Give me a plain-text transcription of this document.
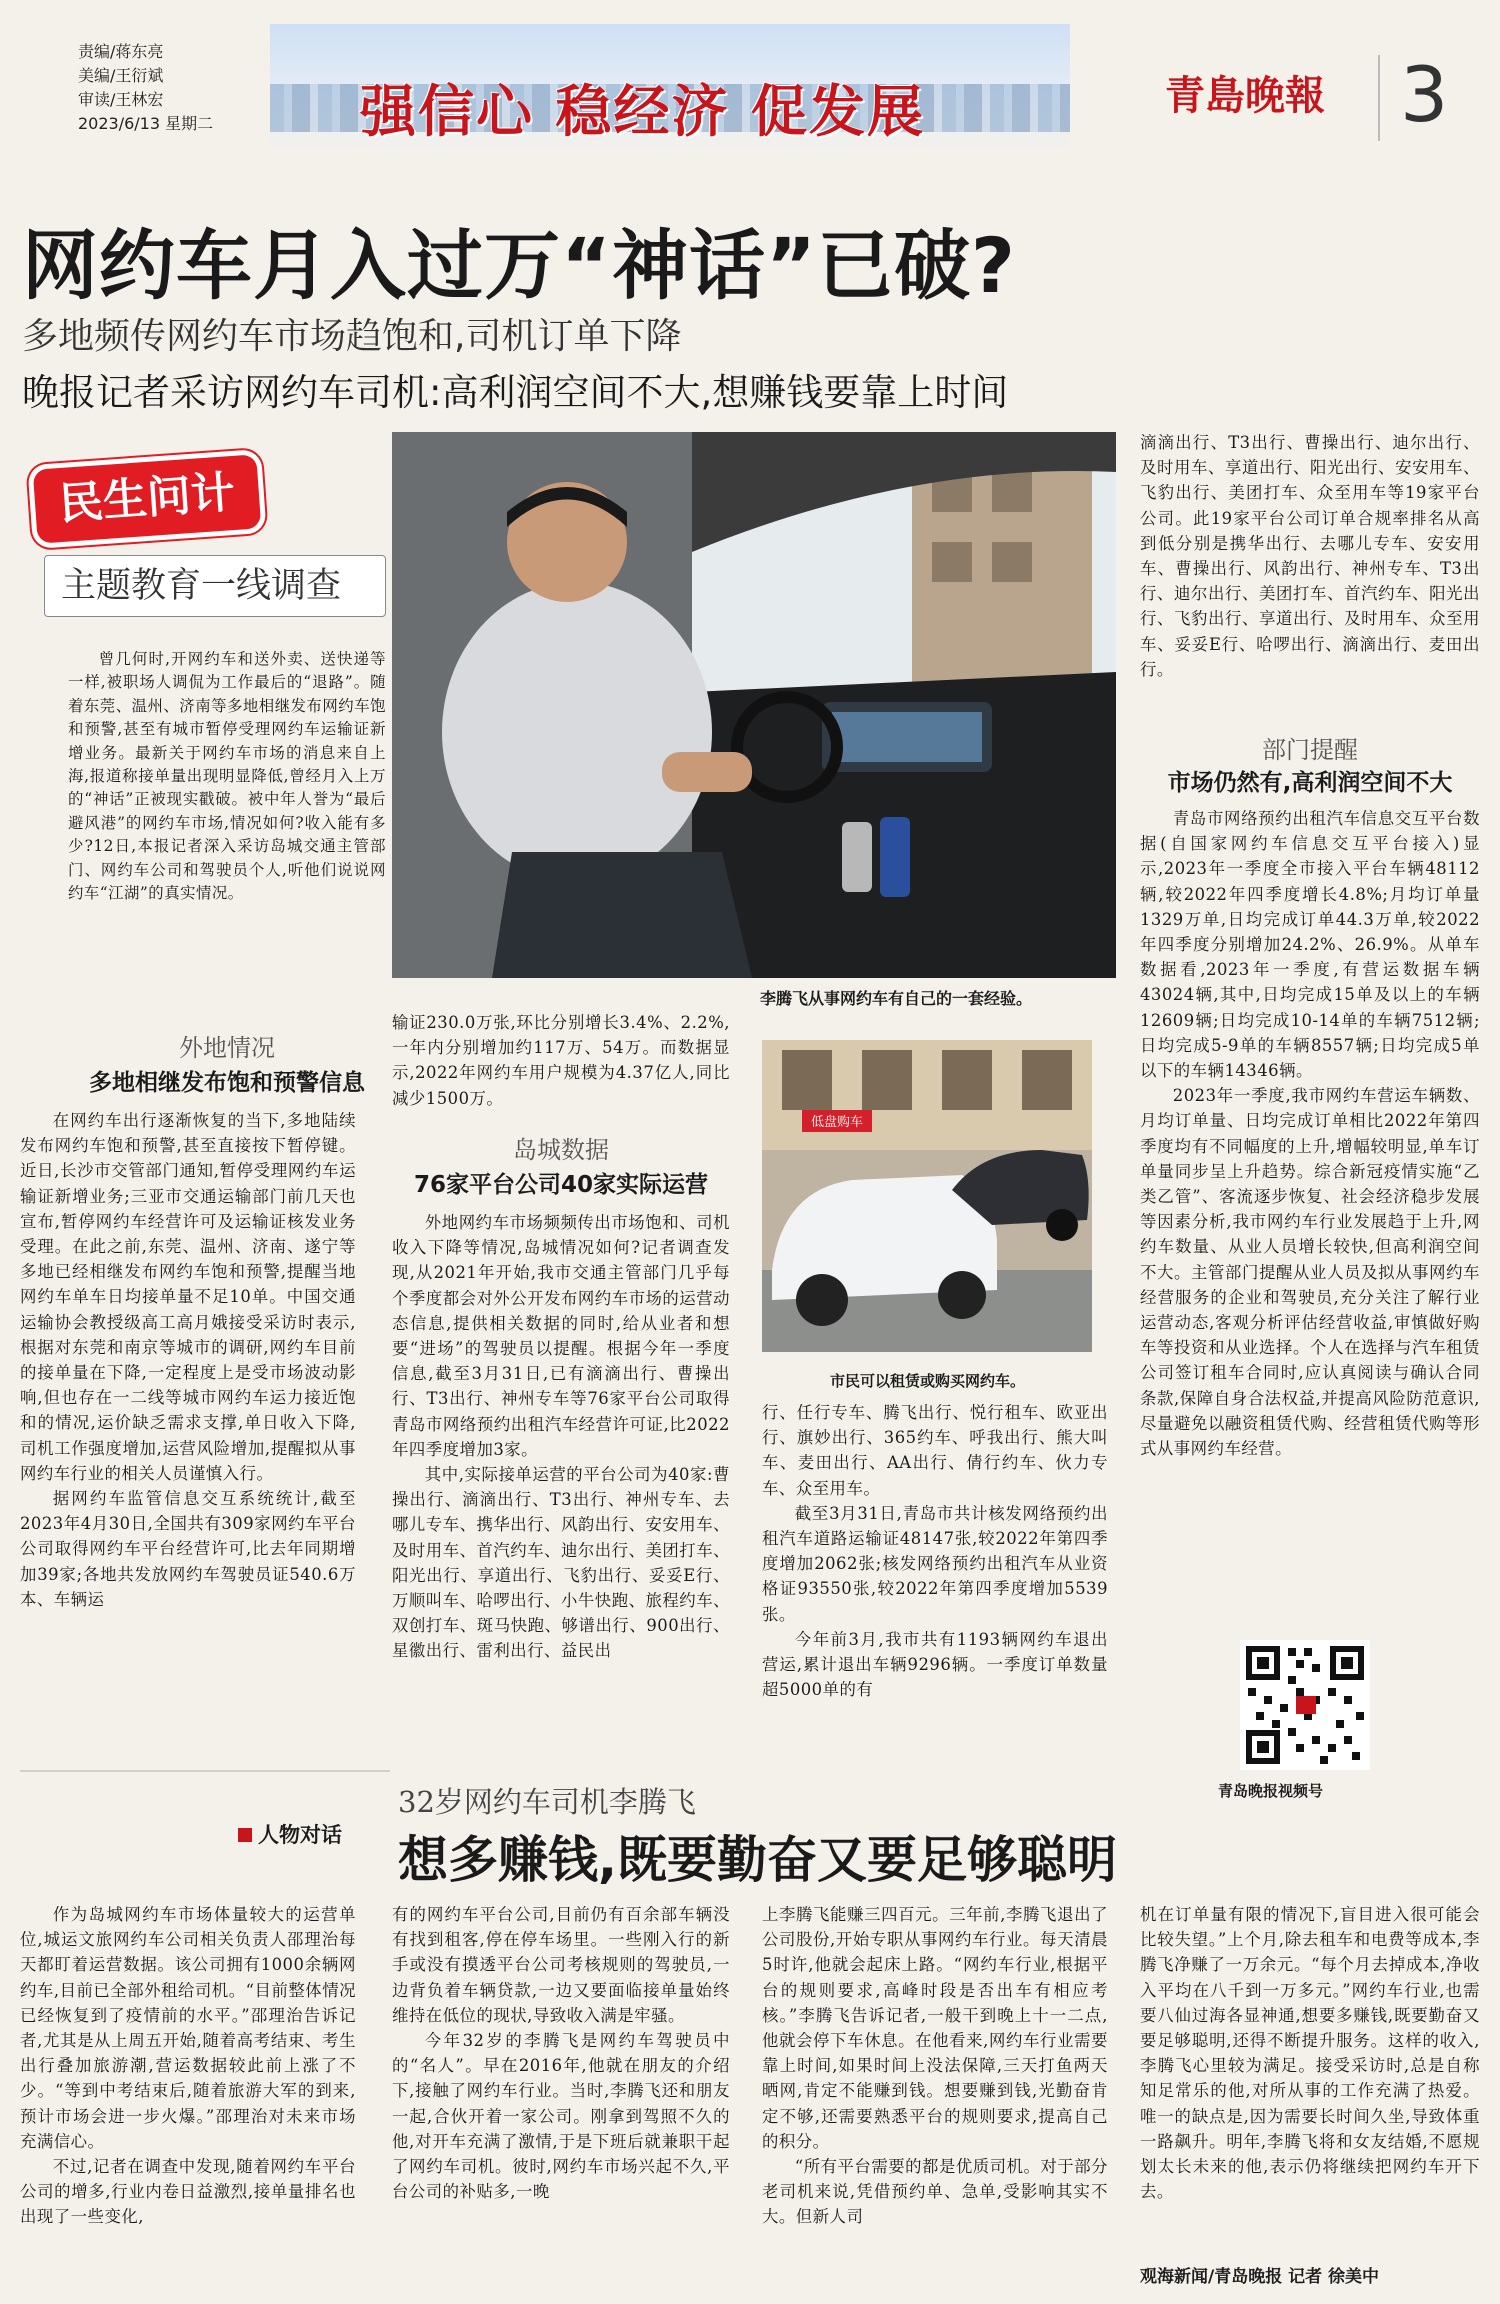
责编/蒋东亮
美编/王衍斌
审读/王林宏
2023/6/13 星期二	强信心 稳经济 促发展	青島晚報 3
网约车月入过万“神话”已破?
多地频传网约车市场趋饱和,司机订单下降
晚报记者采访网约车司机:高利润空间不大,想赚钱要靠上时间
民生问计
主题教育一线调查

曾几何时,开网约车和送外卖、送快递等一样,被职场人调侃为工作最后的“退路”。随着东莞、温州、济南等多地相继发布网约车饱和预警,甚至有城市暂停受理网约车运输证新增业务。最新关于网约车市场的消息来自上海,报道称接单量出现明显降低,曾经月入上万的“神话”正被现实戳破。被中年人誉为“最后避风港”的网约车市场,情况如何?收入能有多少?12日,本报记者深入采访岛城交通主管部门、网约车公司和驾驶员个人,听他们说说网约车“江湖”的真实情况。

李腾飞从事网约车有自己的一套经验。
低盘购车
市民可以租赁或购买网约车。
外地情况
多地相继发布饱和预警信息

在网约车出行逐渐恢复的当下,多地陆续发布网约车饱和预警,甚至直接按下暂停键。近日,长沙市交管部门通知,暂停受理网约车运输证新增业务;三亚市交通运输部门前几天也宣布,暂停网约车经营许可及运输证核发业务受理。在此之前,东莞、温州、济南、遂宁等多地已经相继发布网约车饱和预警,提醒当地网约车单车日均接单量不足10单。中国交通运输协会教授级高工高月娥接受采访时表示,根据对东莞和南京等城市的调研,网约车目前的接单量在下降,一定程度上是受市场波动影响,但也存在一二线等城市网约车运力接近饱和的情况,运价缺乏需求支撑,单日收入下降,司机工作强度增加,运营风险增加,提醒拟从事网约车行业的相关人员谨慎入行。

据网约车监管信息交互系统统计,截至2023年4月30日,全国共有309家网约车平台公司取得网约车平台经营许可,比去年同期增加39家;各地共发放网约车驾驶员证540.6万本、车辆运

输证230.0万张,环比分别增长3.4%、2.2%,一年内分别增加约117万、54万。而数据显示,2022年网约车用户规模为4.37亿人,同比减少1500万。

岛城数据
76家平台公司40家实际运营

外地网约车市场频频传出市场饱和、司机收入下降等情况,岛城情况如何?记者调查发现,从2021年开始,我市交通主管部门几乎每个季度都会对外公开发布网约车市场的运营动态信息,提供相关数据的同时,给从业者和想要“进场”的驾驶员以提醒。根据今年一季度信息,截至3月31日,已有滴滴出行、曹操出行、T3出行、神州专车等76家平台公司取得青岛市网络预约出租汽车经营许可证,比2022年四季度增加3家。

其中,实际接单运营的平台公司为40家:曹操出行、滴滴出行、T3出行、神州专车、去哪儿专车、携华出行、风韵出行、安安用车、及时用车、首汽约车、迪尔出行、美团打车、阳光出行、享道出行、飞豹出行、妥妥E行、万顺叫车、哈啰出行、小牛快跑、旅程约车、双创打车、斑马快跑、够谱出行、900出行、星徽出行、雷利出行、益民出

行、任行专车、腾飞出行、悦行租车、欧亚出行、旗妙出行、365约车、呼我出行、熊大叫车、麦田出行、AA出行、倩行约车、伙力专车、众至用车。

截至3月31日,青岛市共计核发网络预约出租汽车道路运输证48147张,较2022年第四季度增加2062张;核发网络预约出租汽车从业资格证93550张,较2022年第四季度增加5539张。

今年前3月,我市共有1193辆网约车退出营运,累计退出车辆9296辆。一季度订单数量超5000单的有

滴滴出行、T3出行、曹操出行、迪尔出行、及时用车、享道出行、阳光出行、安安用车、飞豹出行、美团打车、众至用车等19家平台公司。此19家平台公司订单合规率排名从高到低分别是携华出行、去哪儿专车、安安用车、曹操出行、风韵出行、神州专车、T3出行、迪尔出行、美团打车、首汽约车、阳光出行、飞豹出行、享道出行、及时用车、众至用车、妥妥E行、哈啰出行、滴滴出行、麦田出行。

部门提醒
市场仍然有,高利润空间不大

青岛市网络预约出租汽车信息交互平台数据(自国家网约车信息交互平台接入)显示,2023年一季度全市接入平台车辆48112辆,较2022年四季度增长4.8%;月均订单量1329万单,日均完成订单44.3万单,较2022年四季度分别增加24.2%、26.9%。从单车数据看,2023年一季度,有营运数据车辆43024辆,其中,日均完成15单及以上的车辆12609辆;日均完成10-14单的车辆7512辆;日均完成5-9单的车辆8557辆;日均完成5单以下的车辆14346辆。

2023年一季度,我市网约车营运车辆数、月均订单量、日均完成订单相比2022年第四季度均有不同幅度的上升,增幅较明显,单车订单量同步呈上升趋势。综合新冠疫情实施“乙类乙管”、客流逐步恢复、社会经济稳步发展等因素分析,我市网约车行业发展趋于上升,网约车数量、从业人员增长较快,但高利润空间不大。主管部门提醒从业人员及拟从事网约车经营服务的企业和驾驶员,充分关注了解行业运营动态,客观分析评估经营收益,审慎做好购车等投资和从业选择。个人在选择与汽车租赁公司签订租车合同时,应认真阅读与确认合同条款,保障自身合法权益,并提高风险防范意识,尽量避免以融资租赁代购、经营租赁代购等形式从事网约车经营。

青岛晚报视频号
32岁网约车司机李腾飞
人物对话 想多赚钱,既要勤奋又要足够聪明

作为岛城网约车市场体量较大的运营单位,城运文旅网约车公司相关负责人邵理治每天都盯着运营数据。该公司拥有1000余辆网约车,目前已全部外租给司机。“目前整体情况已经恢复到了疫情前的水平。”邵理治告诉记者,尤其是从上周五开始,随着高考结束、考生出行叠加旅游潮,营运数据较此前上涨了不少。“等到中考结束后,随着旅游大军的到来,预计市场会进一步火爆。”邵理治对未来市场充满信心。

不过,记者在调查中发现,随着网约车平台公司的增多,行业内卷日益激烈,接单量排名也出现了一些变化,

有的网约车平台公司,目前仍有百余部车辆没有找到租客,停在停车场里。一些刚入行的新手或没有摸透平台公司考核规则的驾驶员,一边背负着车辆贷款,一边又要面临接单量始终维持在低位的现状,导致收入满是牢骚。

今年32岁的李腾飞是网约车驾驶员中的“名人”。早在2016年,他就在朋友的介绍下,接触了网约车行业。当时,李腾飞还和朋友一起,合伙开着一家公司。刚拿到驾照不久的他,对开车充满了激情,于是下班后就兼职干起了网约车司机。彼时,网约车市场兴起不久,平台公司的补贴多,一晚

上李腾飞能赚三四百元。三年前,李腾飞退出了公司股份,开始专职从事网约车行业。每天清晨5时许,他就会起床上路。“网约车行业,根据平台的规则要求,高峰时段是否出车有相应考核。”李腾飞告诉记者,一般干到晚上十一二点,他就会停下车休息。在他看来,网约车行业需要靠上时间,如果时间上没法保障,三天打鱼两天晒网,肯定不能赚到钱。想要赚到钱,光勤奋肯定不够,还需要熟悉平台的规则要求,提高自己的积分。

“所有平台需要的都是优质司机。对于部分老司机来说,凭借预约单、急单,受影响其实不大。但新人司

机在订单量有限的情况下,盲目进入很可能会比较失望。”上个月,除去租车和电费等成本,李腾飞净赚了一万余元。“每个月去掉成本,净收入平均在八千到一万多元。”网约车行业,也需要八仙过海各显神通,想要多赚钱,既要勤奋又要足够聪明,还得不断提升服务。这样的收入,李腾飞心里较为满足。接受采访时,总是自称知足常乐的他,对所从事的工作充满了热爱。唯一的缺点是,因为需要长时间久坐,导致体重一路飙升。明年,李腾飞将和女友结婚,不愿规划太长未来的他,表示仍将继续把网约车开下去。

观海新闻/青岛晚报 记者 徐美中
